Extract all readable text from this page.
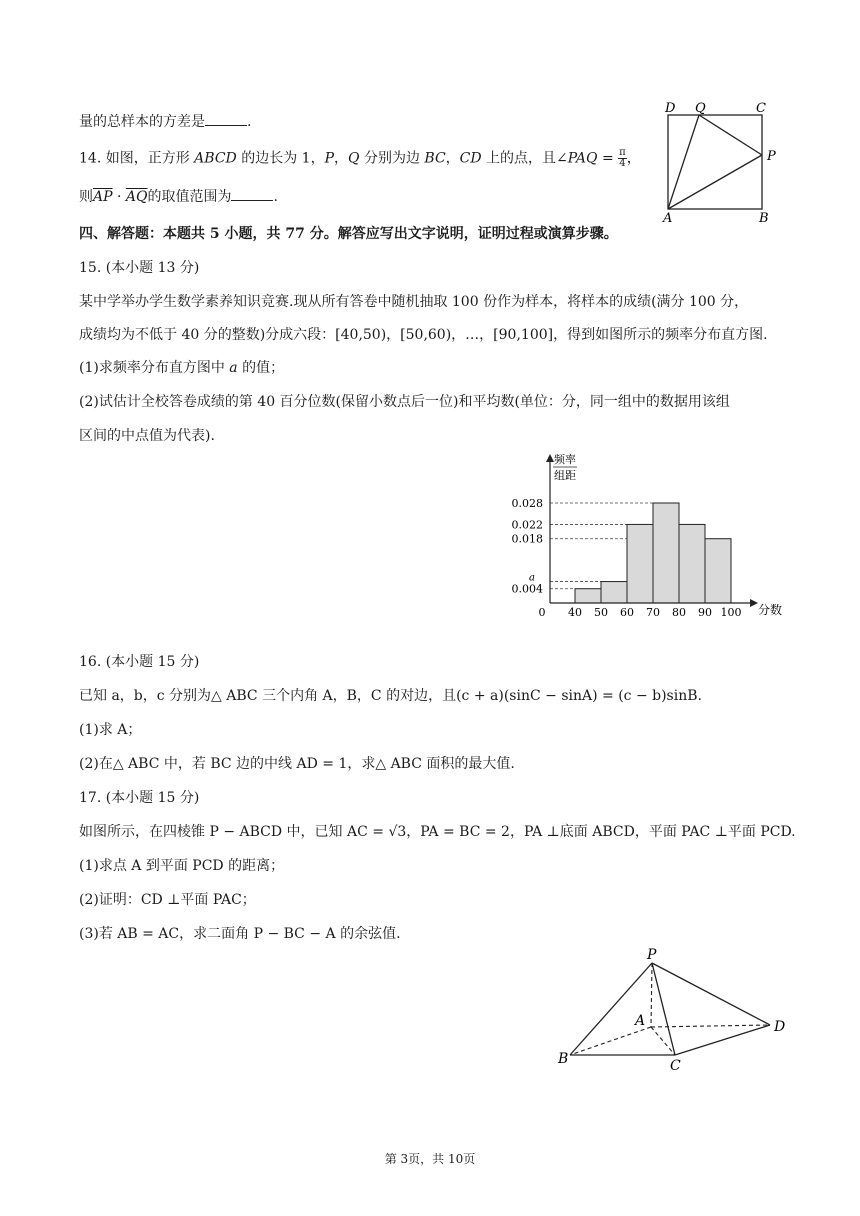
量的总样本的方差是	.
14. 如图，正方形 ABCD 的边长为 1，P，Q 分别为边 BC，CD 上的点，且∠PAQ = $\frac{\pi}{4}$ ，
则$\overline{AP} \cdot \overline{AQ}$的取值范围为	.
D Q	C
P
A	B
四、解答题：本题共 5 小题，共 77 分。解答应写出文字说明，证明过程或演算步骤。
15. (本小题 13 分)
某中学举办学生数学素养知识竞赛.现从所有答卷中随机抽取 100 份作为样本，将样本的成绩(满分 100 分，
成绩均为不低于 40 分的整数)分成六段：[40,50)，[50,60)，…，[90,100]，得到如图所示的频率分布直方图.
(1)求频率分布直方图中 a 的值；
(2)试估计全校答卷成绩的第 40 百分位数(保留小数点后一位)和平均数(单位：分，同一组中的数据用该组
区间的中点值为代表).
频率
组距
分数
0.028
0.022
0.018
a
0.004
0 40 50 60 70 80 90 100
16. (本小题 15 分)
已知 a，b，c 分别为△ ABC 三个内角 A，B，C 的对边，且(c + a)(sinC − sinA) = (c − b)sinB.
(1)求 A；
(2)在△ ABC 中，若 BC 边的中线 AD = 1，求△ ABC 面积的最大值.
17. (本小题 15 分)
如图所示，在四棱锥 P − ABCD 中，已知 AC = √3，PA = BC = 2，PA ⊥底面 ABCD，平面 PAC ⊥平面 PCD.
(1)求点 A 到平面 PCD 的距离；
(2)证明：CD ⊥平面 PAC；
(3)若 AB = AC，求二面角 P − BC − A 的余弦值.
P
A
B	C
D
第 3页，共 10页
